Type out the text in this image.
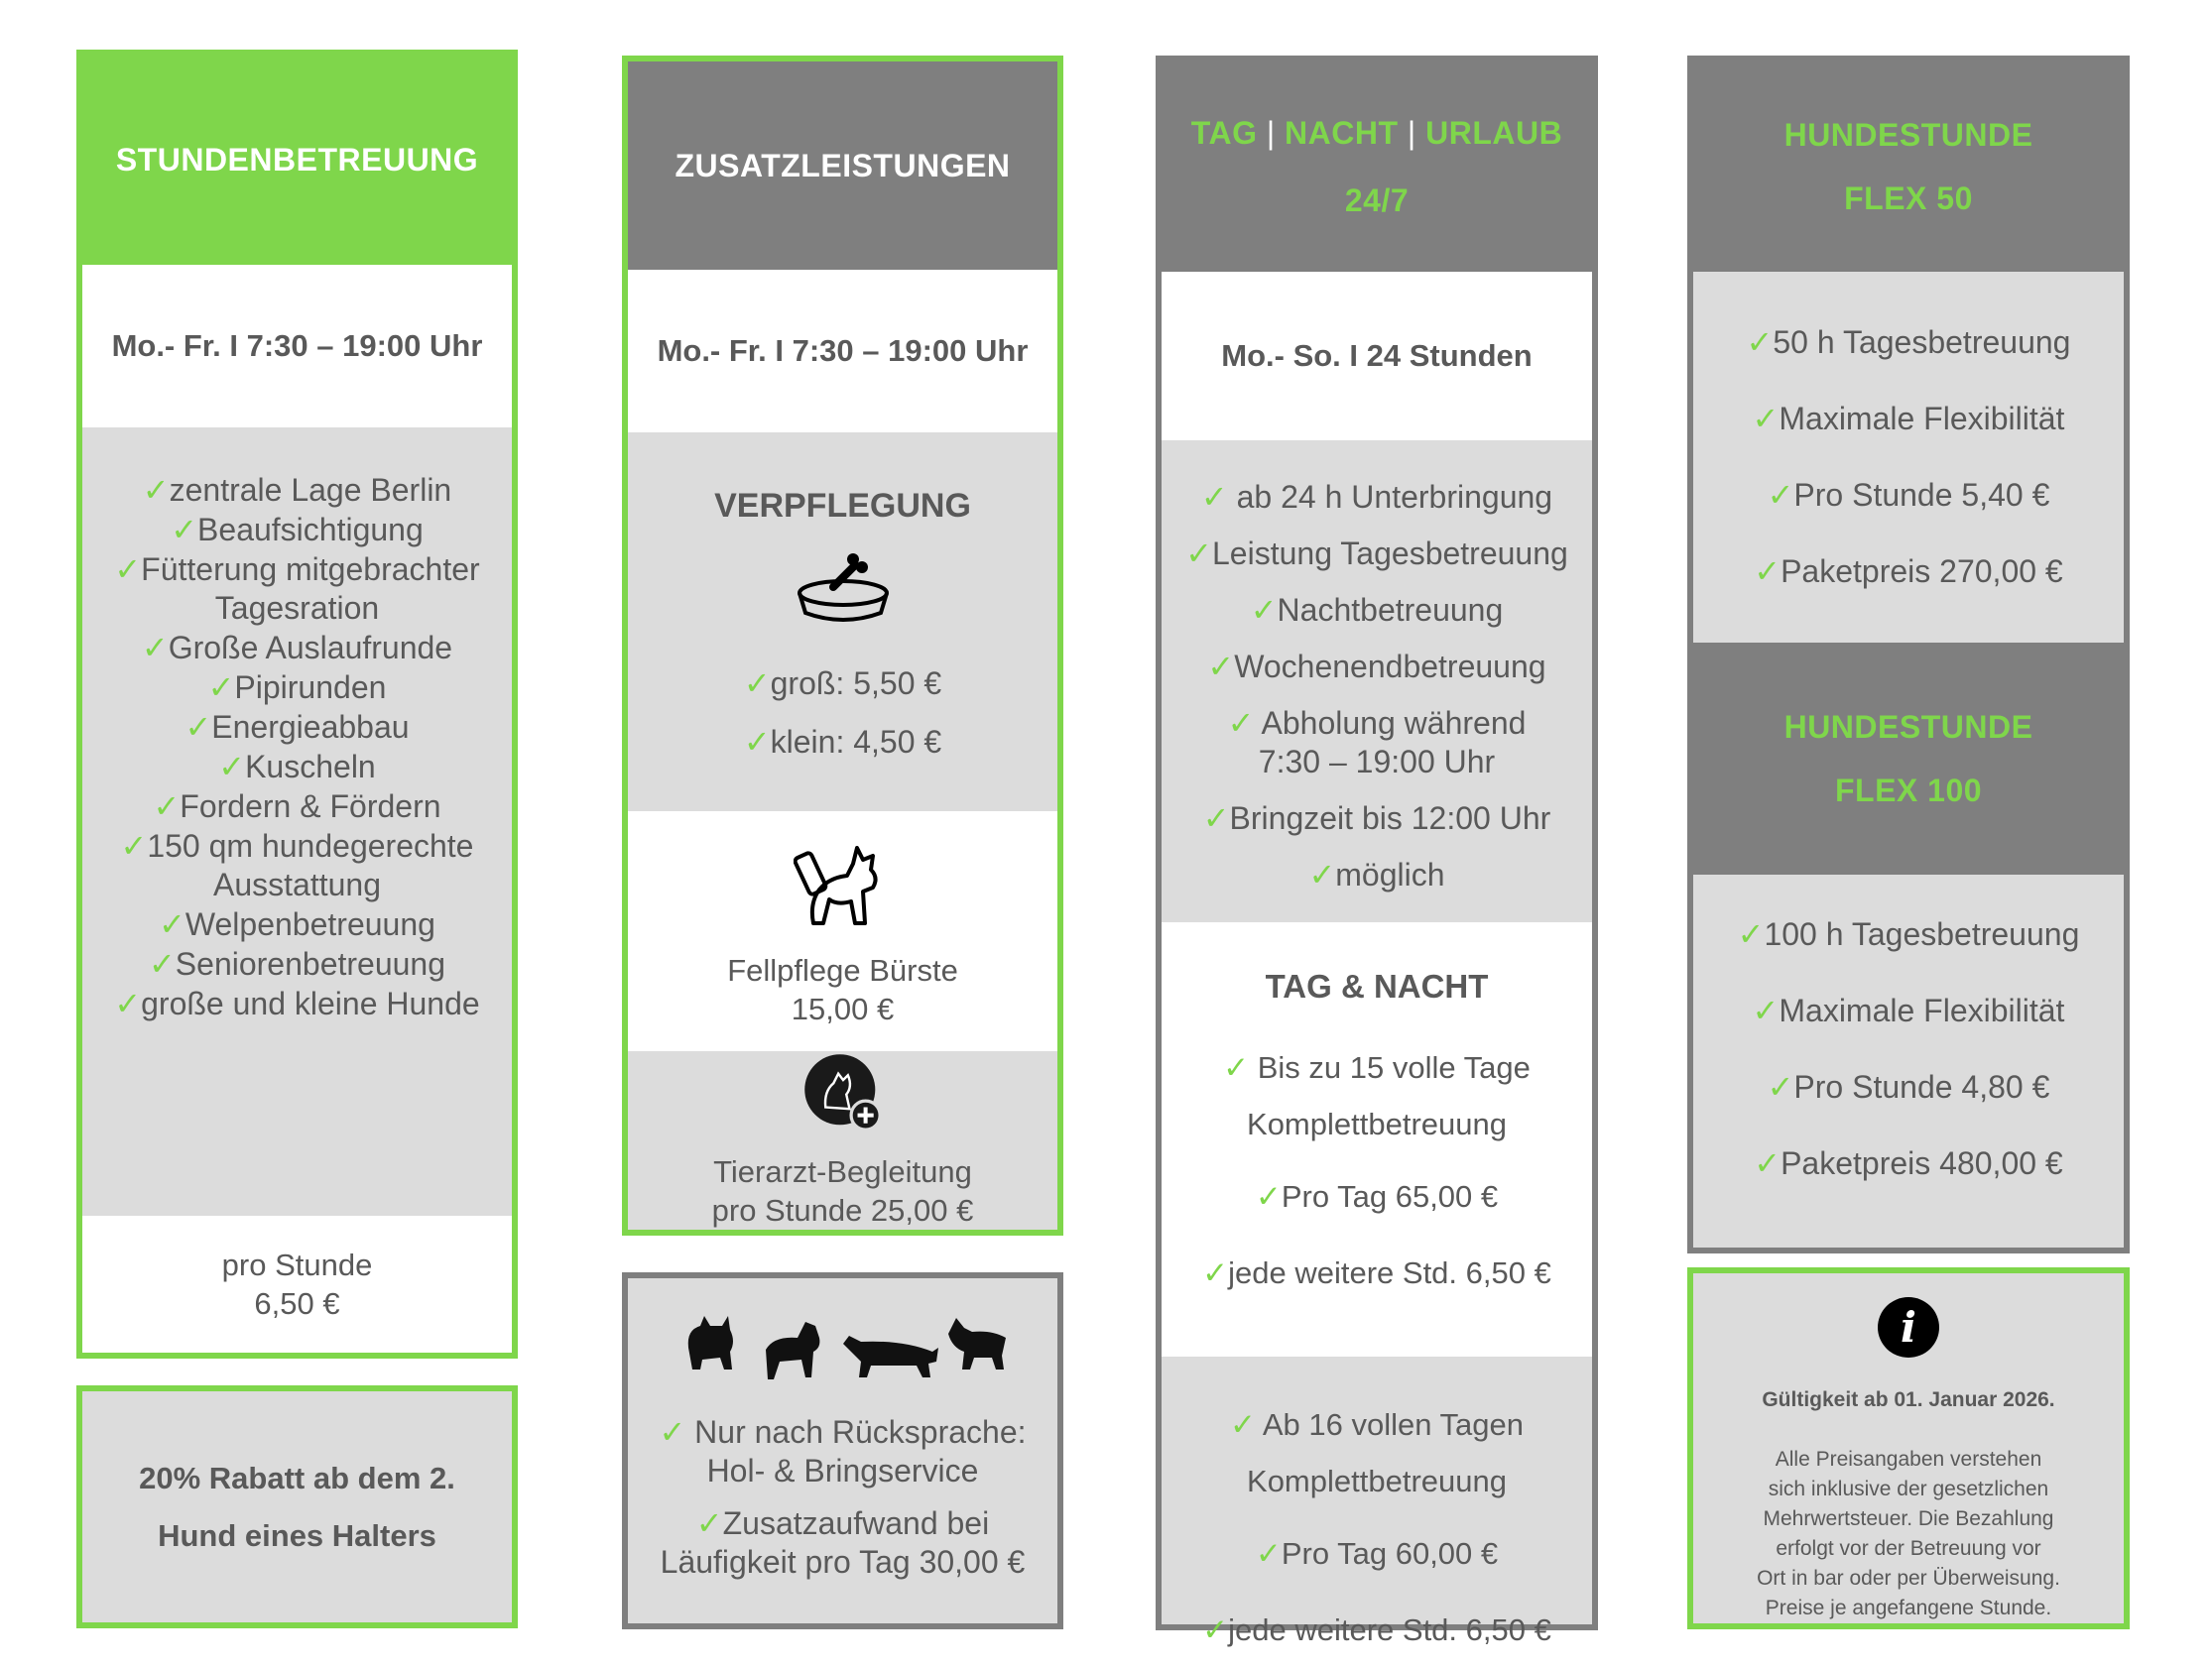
STUNDENBETREUUNG
Mo.- Fr. I 7:30 – 19:00 Uhr
✓zentrale Lage Berlin
✓Beaufsichtigung
✓Fütterung mitgebrachter
Tagesration
✓Große Auslaufrunde
✓Pipirunden
✓Energieabbau
✓Kuscheln
✓Fordern & Fördern
✓150 qm hundegerechte
Ausstattung
✓Welpenbetreuung
✓Seniorenbetreuung
✓große und kleine Hunde
pro Stunde
6,50 €
20% Rabatt ab dem 2.
Hund eines Halters
ZUSATZLEISTUNGEN
Mo.- Fr. I 7:30 – 19:00 Uhr
VERPFLEGUNG
✓groß: 5,50 €
✓klein: 4,50 €
Fellpflege Bürste
15,00 €
Tierarzt-Begleitung
pro Stunde 25,00 €
✓ Nur nach Rücksprache:
Hol- & Bringservice
✓Zusatzaufwand bei
Läufigkeit pro Tag 30,00 €
TAG | NACHT | URLAUB
24/7
Mo.- So. I 24 Stunden
✓ ab 24 h Unterbringung
✓Leistung Tagesbetreuung
✓Nachtbetreuung
✓Wochenendbetreuung
✓ Abholung während
7:30 – 19:00 Uhr
✓Bringzeit bis 12:00 Uhr
✓möglich
TAG & NACHT
✓ Bis zu 15 volle Tage
Komplettbetreuung
✓Pro Tag 65,00 €
✓jede weitere Std. 6,50 €
✓ Ab 16 vollen Tagen
Komplettbetreuung
✓Pro Tag 60,00 €
✓jede weitere Std. 6,50 €
HUNDESTUNDE
FLEX 50
✓50 h Tagesbetreuung
✓Maximale Flexibilität
✓Pro Stunde 5,40 €
✓Paketpreis 270,00 €
HUNDESTUNDE
FLEX 100
✓100 h Tagesbetreuung
✓Maximale Flexibilität
✓Pro Stunde 4,80 €
✓Paketpreis 480,00 €
i
Gültigkeit ab 01. Januar 2026.
Alle Preisangaben verstehen
sich inklusive der gesetzlichen
Mehrwertsteuer. Die Bezahlung
erfolgt vor der Betreuung vor
Ort in bar oder per Überweisung.
Preise je angefangene Stunde.
